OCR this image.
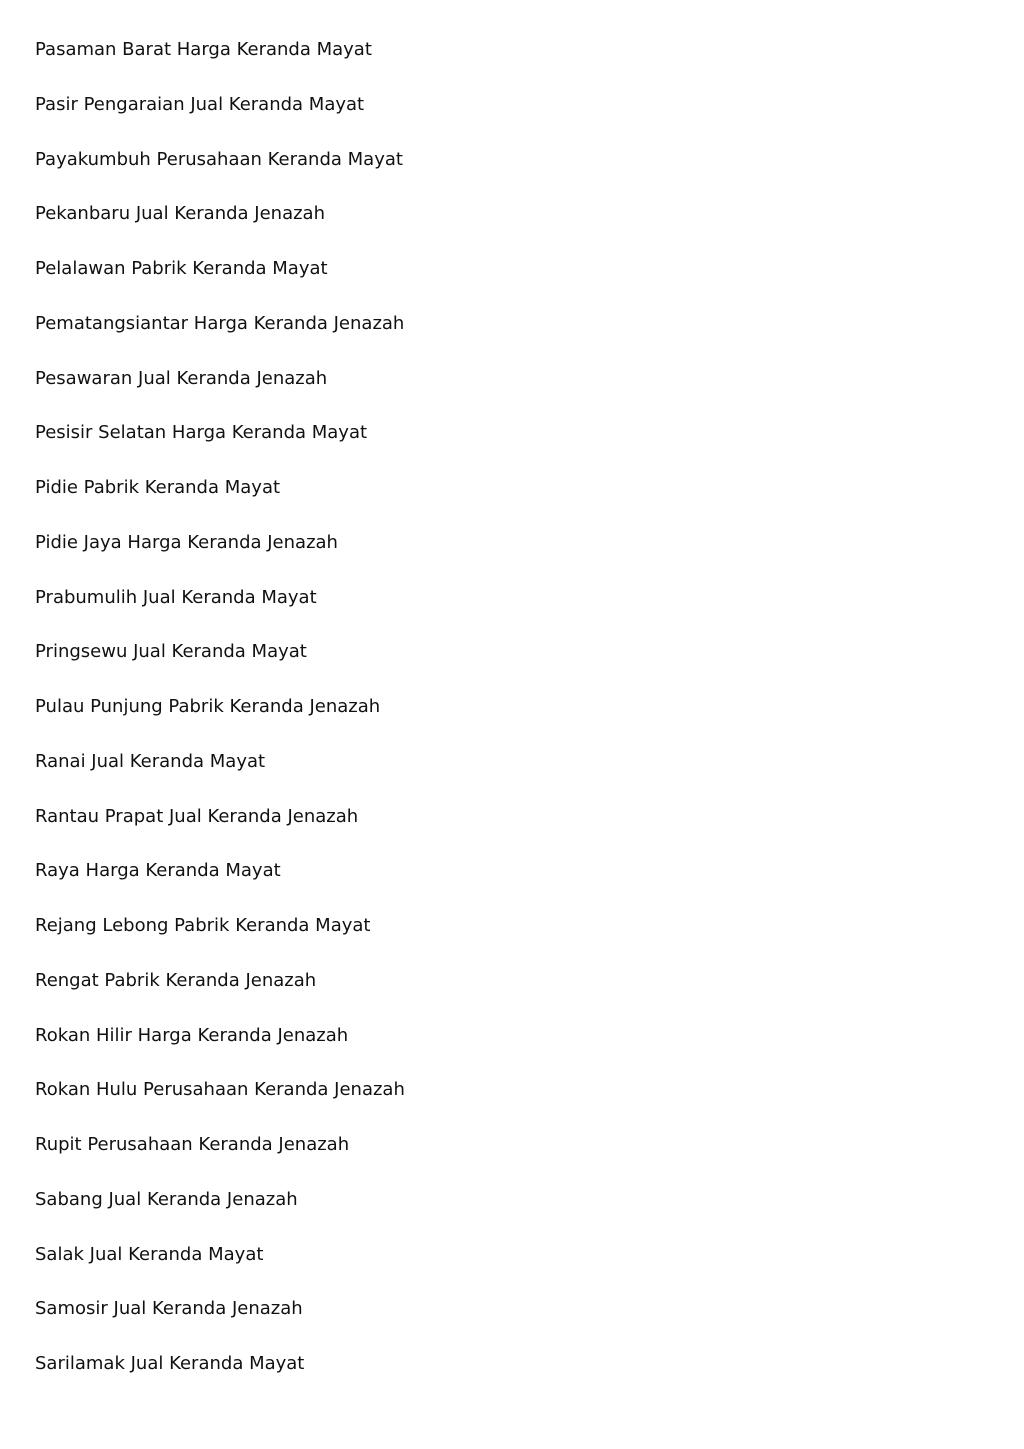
Pasaman Barat Harga Keranda Mayat
Pasir Pengaraian Jual Keranda Mayat
Payakumbuh Perusahaan Keranda Mayat
Pekanbaru Jual Keranda Jenazah
Pelalawan Pabrik Keranda Mayat
Pematangsiantar Harga Keranda Jenazah
Pesawaran Jual Keranda Jenazah
Pesisir Selatan Harga Keranda Mayat
Pidie Pabrik Keranda Mayat
Pidie Jaya Harga Keranda Jenazah
Prabumulih Jual Keranda Mayat
Pringsewu Jual Keranda Mayat
Pulau Punjung Pabrik Keranda Jenazah
Ranai Jual Keranda Mayat
Rantau Prapat Jual Keranda Jenazah
Raya Harga Keranda Mayat
Rejang Lebong Pabrik Keranda Mayat
Rengat Pabrik Keranda Jenazah
Rokan Hilir Harga Keranda Jenazah
Rokan Hulu Perusahaan Keranda Jenazah
Rupit Perusahaan Keranda Jenazah
Sabang Jual Keranda Jenazah
Salak Jual Keranda Mayat
Samosir Jual Keranda Jenazah
Sarilamak Jual Keranda Mayat
